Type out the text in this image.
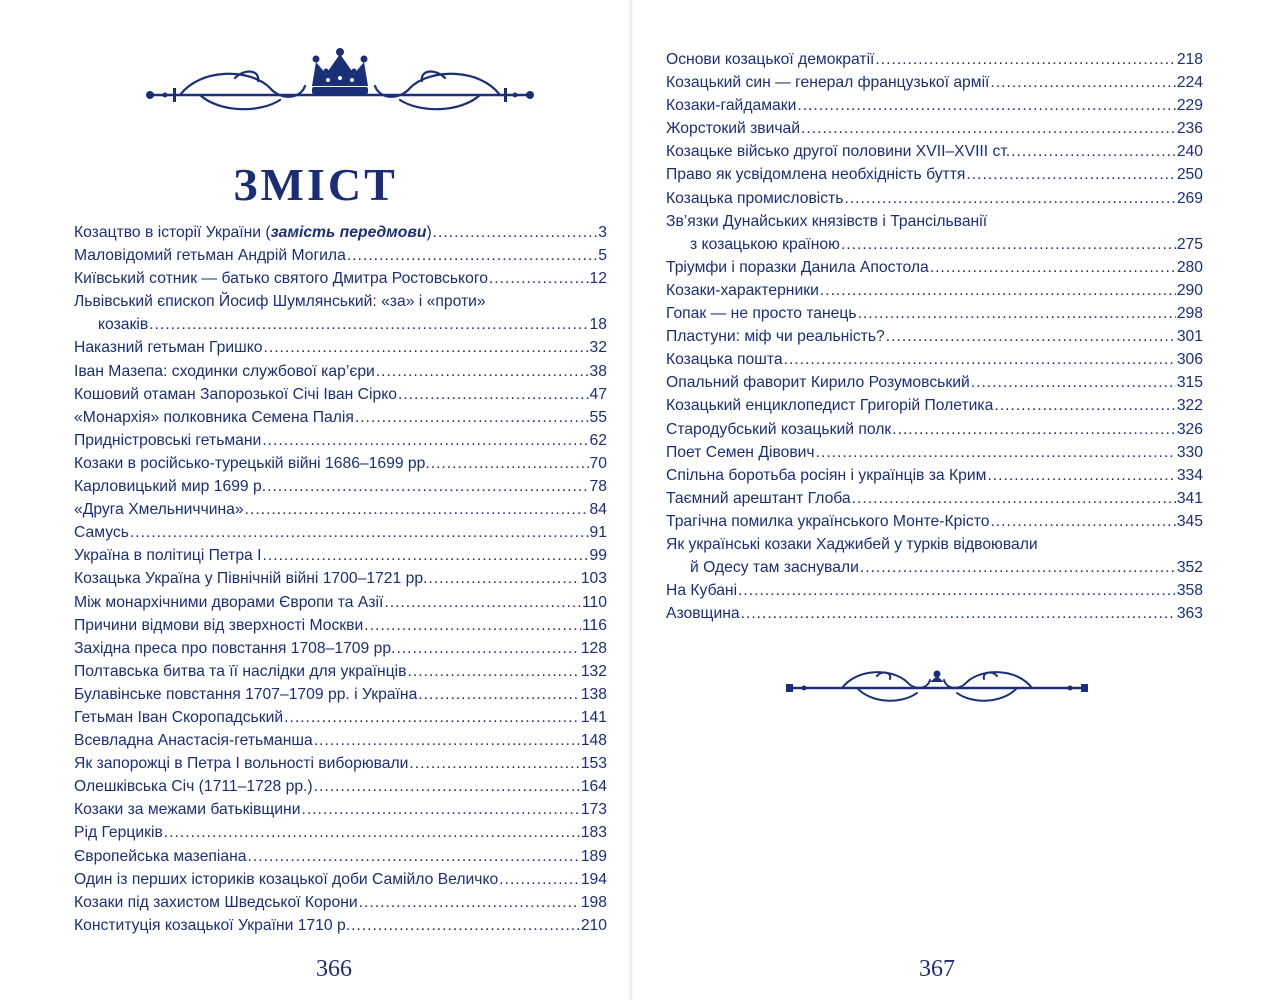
ЗМІСТ
Козацтво в історії України (замість передмови) .....	3
Маловідомий гетьман Андрій Могила .....	5
Київський сотник — батько святого Дмитра Ростовського .....	12
Львівський єпископ Йосиф Шумлянський: «за» і «проти»
козаків .....	18
Наказний гетьман Гришко .....	32
Іван Мазепа: сходинки службової кар’єри .....	38
Кошовий отаман Запорозької Січі Іван Сірко .....	47
«Монархія» полковника Семена Палія .....	55
Придністровські гетьмани .....	62
Козаки в російсько-турецькій війні 1686–1699 рр. .....	70
Карловицький мир 1699 р. .....	78
«Друга Хмельниччина» .....	84
Самусь .....	91
Україна в політиці Петра І .....	99
Козацька Україна у Північній війні 1700–1721 рр. .....	103
Між монархічними дворами Європи та Азії .....	110
Причини відмови від зверхності Москви .....	116
Західна преса про повстання 1708–1709 рр. .....	128
Полтавська битва та її наслідки для українців .....	132
Булавінське повстання 1707–1709 рр. і Україна .....	138
Гетьман Іван Скоропадський .....	141
Всевладна Анастасія-гетьманша .....	148
Як запорожці в Петра І вольності виборювали .....	153
Олешківська Січ (1711–1728 рр.) .....	164
Козаки за межами батьківщини .....	173
Рід Герциків .....	183
Європейська мазепіана .....	189
Один із перших істориків козацької доби Самійло Величко .....	194
Козаки під захистом Шведської Корони .....	198
Конституція козацької України 1710 р. .....	210
366
Основи козацької демократії .....	218
Козацький син — генерал французької армії .....	224
Козаки-гайдамаки .....	229
Жорстокий звичай .....	236
Козацьке військо другої половини XVII–XVIII ст. .....	240
Право як усвідомлена необхідність буття .....	250
Козацька промисловість .....	269
Зв’язки Дунайських князівств і Трансільванії
з козацькою країною .....	275
Тріумфи і поразки Данила Апостола .....	280
Козаки-характерники .....	290
Гопак — не просто танець .....	298
Пластуни: міф чи реальність? .....	301
Козацька пошта .....	306
Опальний фаворит Кирило Розумовський .....	315
Козацький енциклопедист Григорій Полетика .....	322
Стародубський козацький полк .....	326
Поет Семен Дівович .....	330
Спільна боротьба росіян і українців за Крим .....	334
Таємний арештант Глоба .....	341
Трагічна помилка українського Монте-Крісто .....	345
Як українські козаки Хаджибей у турків відвоювали
й Одесу там заснували .....	352
На Кубані .....	358
Азовщина .....	363
367
